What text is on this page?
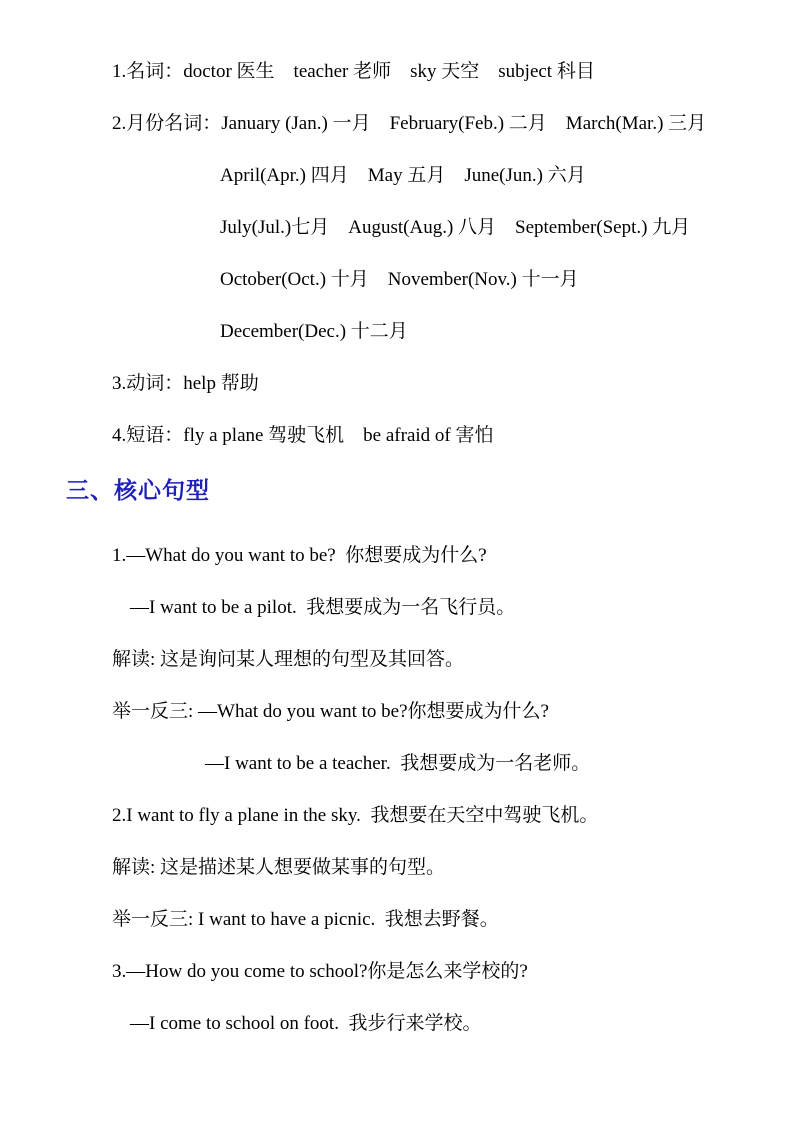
1.名词：doctor 医生　teacher 老师　sky 天空　subject 科目

2.月份名词：January (Jan.) 一月　February(Feb.) 二月　March(Mar.) 三月

April(Apr.) 四月　May 五月　June(Jun.) 六月

July(Jul.)七月　August(Aug.) 八月　September(Sept.) 九月

October(Oct.) 十月　November(Nov.) 十一月

December(Dec.) 十二月

3.动词：help 帮助

4.短语：fly a plane 驾驶飞机　be afraid of 害怕

三、核心句型

1.—What do you want to be?  你想要成为什么?

—I want to be a pilot.  我想要成为一名飞行员。

解读: 这是询问某人理想的句型及其回答。

举一反三: —What do you want to be?你想要成为什么?

—I want to be a teacher.  我想要成为一名老师。

2.I want to fly a plane in the sky.  我想要在天空中驾驶飞机。

解读: 这是描述某人想要做某事的句型。

举一反三: I want to have a picnic.  我想去野餐。

3.—How do you come to school?你是怎么来学校的?

—I come to school on foot.  我步行来学校。
